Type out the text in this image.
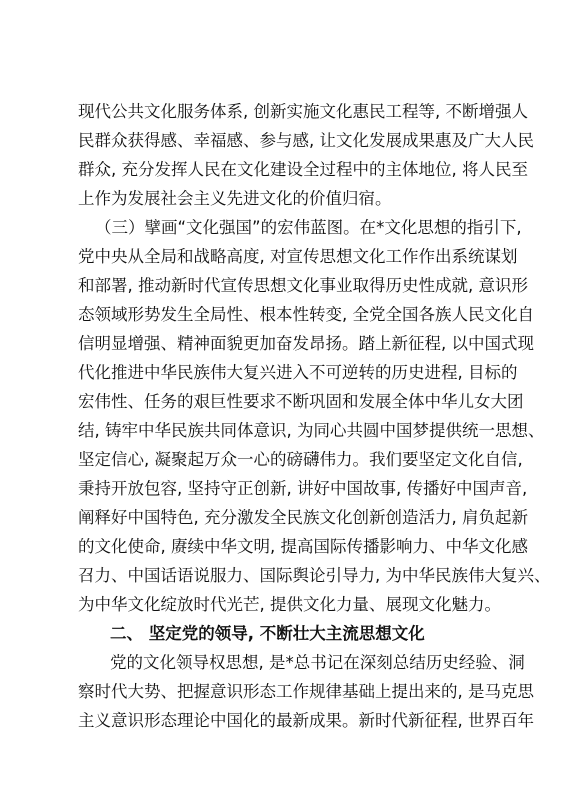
现代公共文化服务体系, 创新实施文化惠民工程等, 不断增强人
民群众获得感、幸福感、参与感, 让文化发展成果惠及广大人民
群众, 充分发挥人民在文化建设全过程中的主体地位, 将人民至
上作为发展社会主义先进文化的价值归宿。
（三）擘画“文化强国”的宏伟蓝图。在*文化思想的指引下,
党中央从全局和战略高度, 对宣传思想文化工作作出系统谋划
和部署, 推动新时代宣传思想文化事业取得历史性成就, 意识形
态领域形势发生全局性、根本性转变, 全党全国各族人民文化自
信明显增强、精神面貌更加奋发昂扬。踏上新征程, 以中国式现
代化推进中华民族伟大复兴进入不可逆转的历史进程, 目标的
宏伟性、任务的艰巨性要求不断巩固和发展全体中华儿女大团
结, 铸牢中华民族共同体意识, 为同心共圆中国梦提供统一思想、
坚定信心, 凝聚起万众一心的磅礴伟力。我们要坚定文化自信,
秉持开放包容, 坚持守正创新, 讲好中国故事, 传播好中国声音,
阐释好中国特色, 充分激发全民族文化创新创造活力, 肩负起新
的文化使命, 赓续中华文明, 提高国际传播影响力、中华文化感
召力、中国话语说服力、国际舆论引导力, 为中华民族伟大复兴、
为中华文化绽放时代光芒, 提供文化力量、展现文化魅力。
二、 坚定党的领导, 不断壮大主流思想文化
党的文化领导权思想, 是*总书记在深刻总结历史经验、洞
察时代大势、把握意识形态工作规律基础上提出来的, 是马克思
主义意识形态理论中国化的最新成果。新时代新征程, 世界百年
